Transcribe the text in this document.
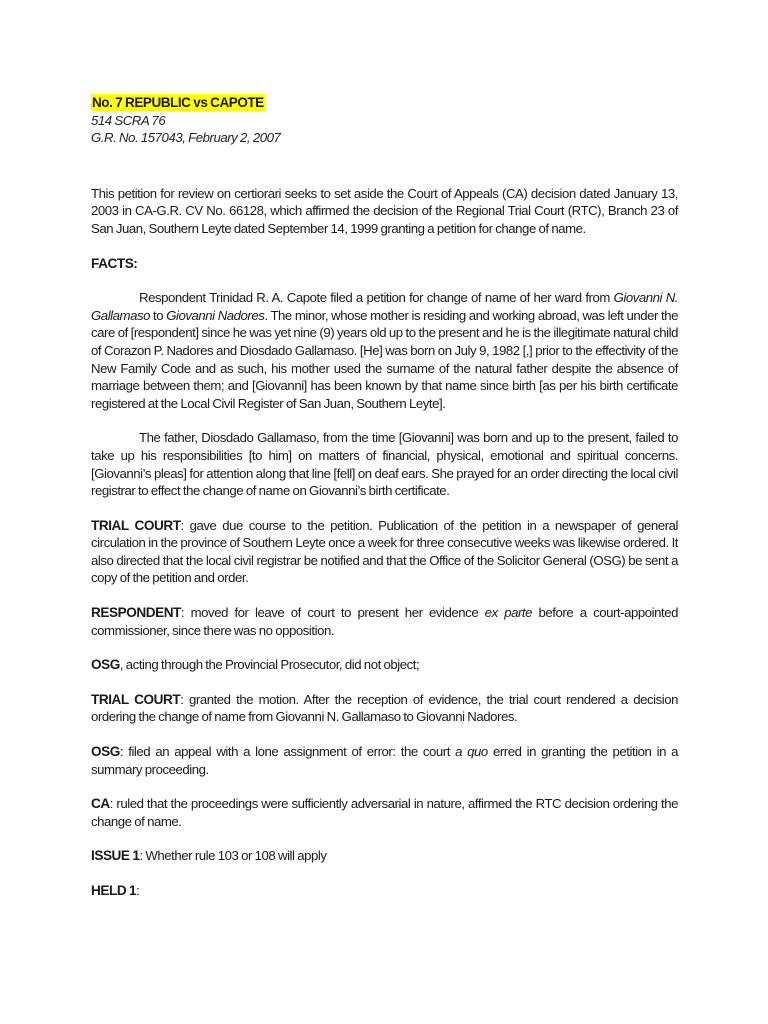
No. 7 REPUBLIC vs CAPOTE
514 SCRA 76
G.R. No. 157043, February 2, 2007

This petition for review on certiorari seeks to set aside the Court of Appeals (CA) decision dated January 13, 2003 in CA-G.R. CV No. 66128, which affirmed the decision of the Regional Trial Court (RTC), Branch 23 of San Juan, Southern Leyte dated September 14, 1999 granting a petition for change of name.

FACTS:

Respondent Trinidad R. A. Capote filed a petition for change of name of her ward from Giovanni N. Gallamaso to Giovanni Nadores. The minor, whose mother is residing and working abroad, was left under the care of [respondent] since he was yet nine (9) years old up to the present and he is the illegitimate natural child of Corazon P. Nadores and Diosdado Gallamaso. [He] was born on July 9, 1982 [,] prior to the effectivity of the New Family Code and as such, his mother used the surname of the natural father despite the absence of marriage between them; and [Giovanni] has been known by that name since birth [as per his birth certificate registered at the Local Civil Register of San Juan, Southern Leyte].

The father, Diosdado Gallamaso, from the time [Giovanni] was born and up to the present, failed to take up his responsibilities [to him] on matters of financial, physical, emotional and spiritual concerns. [Giovanni’s pleas] for attention along that line [fell] on deaf ears. She prayed for an order directing the local civil registrar to effect the change of name on Giovanni’s birth certificate.

TRIAL COURT: gave due course to the petition. Publication of the petition in a newspaper of general circulation in the province of Southern Leyte once a week for three consecutive weeks was likewise ordered. It also directed that the local civil registrar be notified and that the Office of the Solicitor General (OSG) be sent a copy of the petition and order.

RESPONDENT: moved for leave of court to present her evidence ex parte before a court-appointed commissioner, since there was no opposition.

OSG, acting through the Provincial Prosecutor, did not object;

TRIAL COURT: granted the motion. After the reception of evidence, the trial court rendered a decision ordering the change of name from Giovanni N. Gallamaso to Giovanni Nadores.

OSG: filed an appeal with a lone assignment of error: the court a quo erred in granting the petition in a summary proceeding.

CA: ruled that the proceedings were sufficiently adversarial in nature, affirmed the RTC decision ordering the change of name.

ISSUE 1: Whether rule 103 or 108 will apply

HELD 1:
